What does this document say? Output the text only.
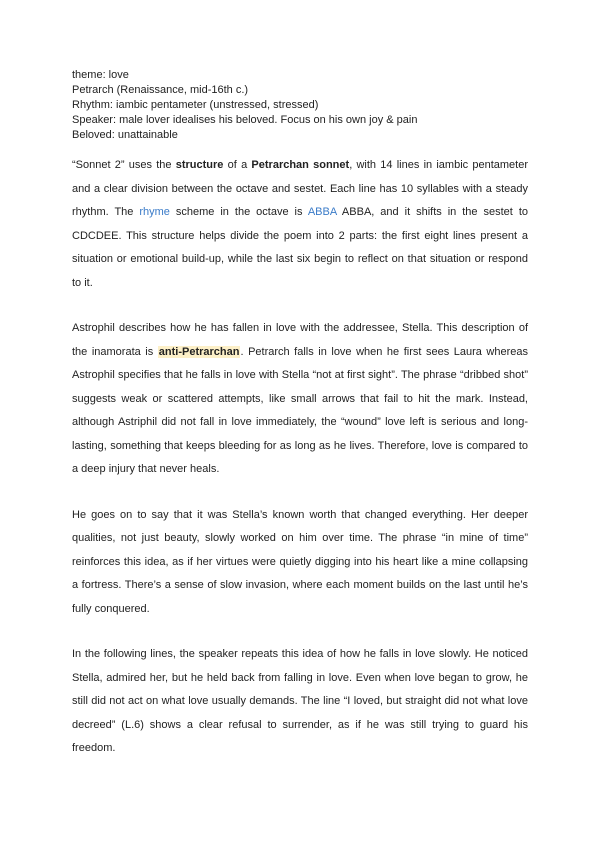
theme: love
Petrarch (Renaissance, mid-16th c.)
Rhythm: iambic pentameter (unstressed, stressed)
Speaker: male lover idealises his beloved. Focus on his own joy & pain
Beloved: unattainable

“Sonnet 2” uses the structure of a Petrarchan sonnet, with 14 lines in iambic pentameter and a clear division between the octave and sestet. Each line has 10 syllables with a steady rhythm. The rhyme scheme in the octave is ABBA ABBA, and it shifts in the sestet to CDCDEE. This structure helps divide the poem into 2 parts: the first eight lines present a situation or emotional build-up, while the last six begin to reflect on that situation or respond to it.

Astrophil describes how he has fallen in love with the addressee, Stella. This description of the inamorata is anti-Petrarchan. Petrarch falls in love when he first sees Laura whereas Astrophil specifies that he falls in love with Stella “not at first sight”. The phrase “dribbed shot” suggests weak or scattered attempts, like small arrows that fail to hit the mark. Instead, although Astriphil did not fall in love immediately, the “wound” love left is serious and long-lasting, something that keeps bleeding for as long as he lives. Therefore, love is compared to a deep injury that never heals.

He goes on to say that it was Stella’s known worth that changed everything. Her deeper qualities, not just beauty, slowly worked on him over time. The phrase “in mine of time” reinforces this idea, as if her virtues were quietly digging into his heart like a mine collapsing a fortress. There’s a sense of slow invasion, where each moment builds on the last until he’s fully conquered.

In the following lines, the speaker repeats this idea of how he falls in love slowly. He noticed Stella, admired her, but he held back from falling in love. Even when love began to grow, he still did not act on what love usually demands. The line “I loved, but straight did not what love decreed” (L.6) shows a clear refusal to surrender, as if he was still trying to guard his freedom.
